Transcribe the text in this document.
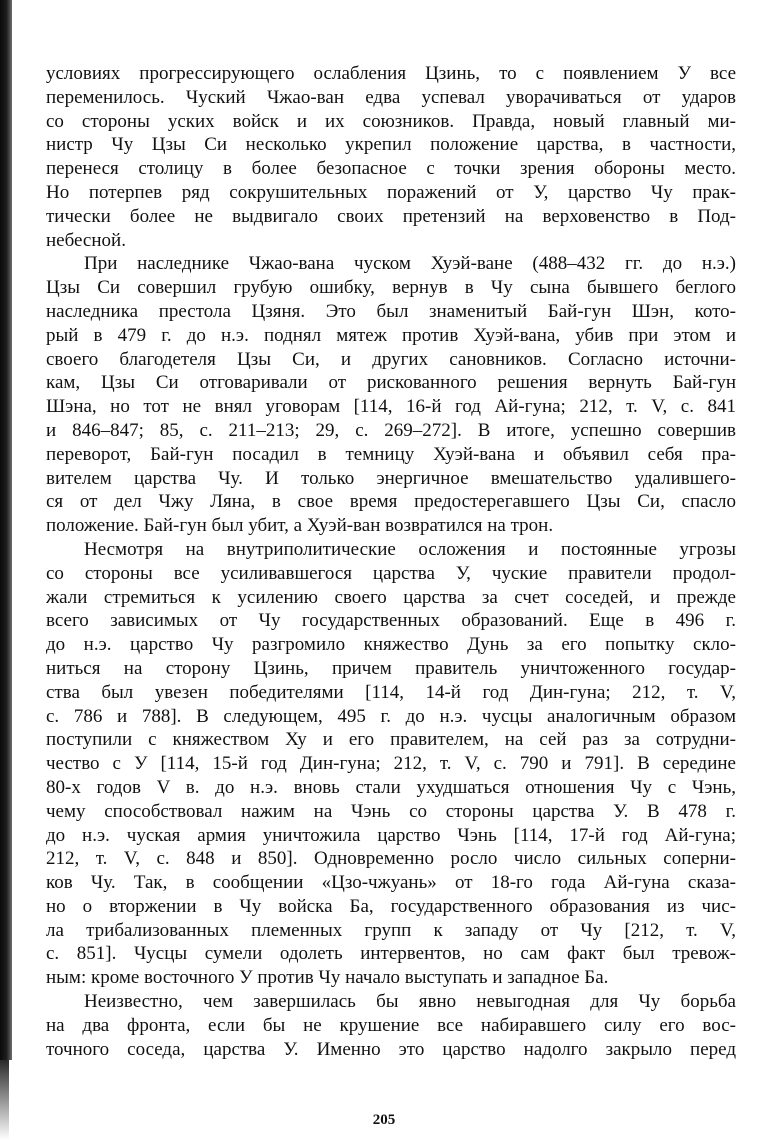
условиях прогрессирующего ослабления Цзинь, то с появлением У все
переменилось. Чуский Чжао-ван едва успевал уворачиваться от ударов
со стороны уских войск и их союзников. Правда, новый главный ми-
нистр Чу Цзы Си несколько укрепил положение царства, в частности,
перенеся столицу в более безопасное с точки зрения обороны место.
Но потерпев ряд сокрушительных поражений от У, царство Чу прак-
тически более не выдвигало своих претензий на верховенство в Под-
небесной.
При наследнике Чжао-вана чуском Хуэй-ване (488–432 гг. до н.э.)
Цзы Си совершил грубую ошибку, вернув в Чу сына бывшего беглого
наследника престола Цзяня. Это был знаменитый Бай-гун Шэн, кото-
рый в 479 г. до н.э. поднял мятеж против Хуэй-вана, убив при этом и
своего благодетеля Цзы Си, и других сановников. Согласно источни-
кам, Цзы Си отговаривали от рискованного решения вернуть Бай-гун
Шэна, но тот не внял уговорам [114, 16-й год Ай-гуна; 212, т. V, с. 841
и 846–847; 85, с. 211–213; 29, с. 269–272]. В итоге, успешно совершив
переворот, Бай-гун посадил в темницу Хуэй-вана и объявил себя пра-
вителем царства Чу. И только энергичное вмешательство удалившего-
ся от дел Чжу Ляна, в свое время предостерегавшего Цзы Си, спасло
положение. Бай-гун был убит, а Хуэй-ван возвратился на трон.
Несмотря на внутриполитические осложения и постоянные угрозы
со стороны все усиливавшегося царства У, чуские правители продол-
жали стремиться к усилению своего царства за счет соседей, и прежде
всего зависимых от Чу государственных образований. Еще в 496 г.
до н.э. царство Чу разгромило княжество Дунь за его попытку скло-
ниться на сторону Цзинь, причем правитель уничтоженного государ-
ства был увезен победителями [114, 14-й год Дин-гуна; 212, т. V,
с. 786 и 788]. В следующем, 495 г. до н.э. чусцы аналогичным образом
поступили с княжеством Ху и его правителем, на сей раз за сотрудни-
чество с У [114, 15-й год Дин-гуна; 212, т. V, с. 790 и 791]. В середине
80-х годов V в. до н.э. вновь стали ухудшаться отношения Чу с Чэнь,
чему способствовал нажим на Чэнь со стороны царства У. В 478 г.
до н.э. чуская армия уничтожила царство Чэнь [114, 17-й год Ай-гуна;
212, т. V, с. 848 и 850]. Одновременно росло число сильных соперни-
ков Чу. Так, в сообщении «Цзо-чжуань» от 18-го года Ай-гуна сказа-
но о вторжении в Чу войска Ба, государственного образования из чис-
ла трибализованных племенных групп к западу от Чу [212, т. V,
с. 851]. Чусцы сумели одолеть интервентов, но сам факт был тревож-
ным: кроме восточного У против Чу начало выступать и западное Ба.
Неизвестно, чем завершилась бы явно невыгодная для Чу борьба
на два фронта, если бы не крушение все набиравшего силу его вос-
точного соседа, царства У. Именно это царство надолго закрыло перед
205
